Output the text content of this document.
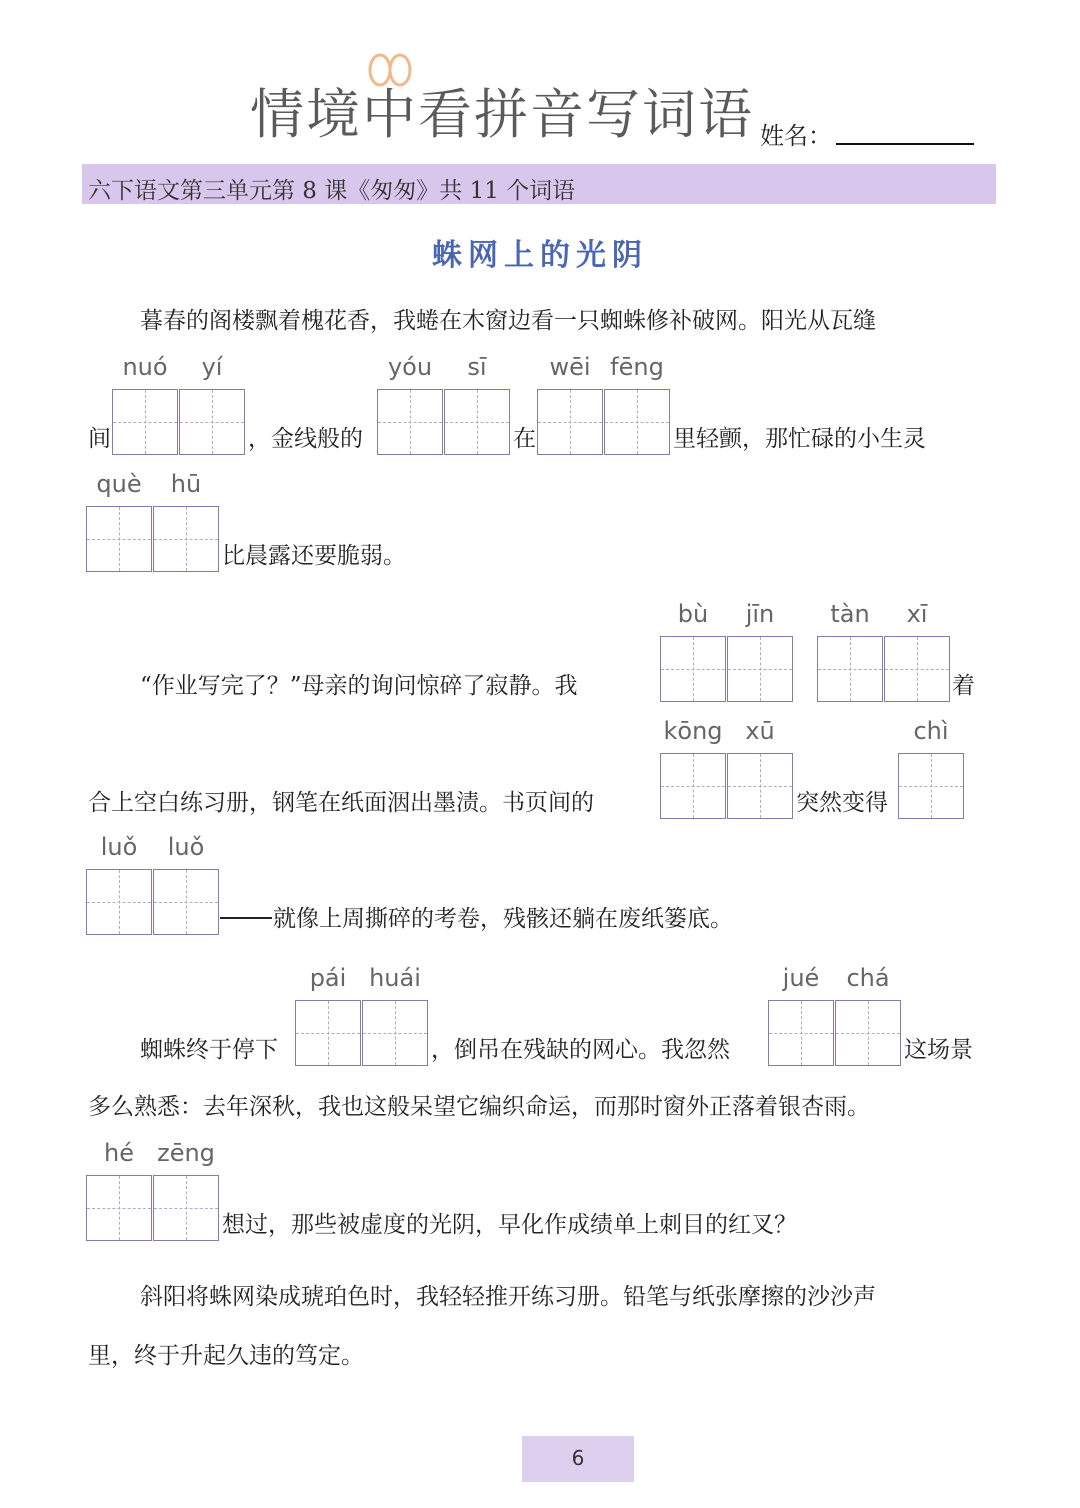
情境中看拼音写词语 姓名：
六下语文第三单元第 8 课《匆匆》共 11 个词语
蛛网上的光阴
暮春的阁楼飘着槐花香，我蜷在木窗边看一只蜘蛛修补破网。阳光从瓦缝
nuó	yí	yóu	sī	wēi fēng
间	，金线般的	在	里轻颤，那忙碌的小生灵
què	hū
比晨露还要脆弱。
bù	jīn	tàn	xī
“作业写完了？”母亲的询问惊碎了寂静。我	着
kōng xū	chì
合上空白练习册，钢笔在纸面洇出墨渍。书页间的	突然变得
luǒ	luǒ
就像上周撕碎的考卷，残骸还躺在废纸篓底。
pái huái	jué	chá
蜘蛛终于停下	，倒吊在残缺的网心。我忽然	这场景
多么熟悉：去年深秋，我也这般呆望它编织命运，而那时窗外正落着银杏雨。
hé zēng
想过，那些被虚度的光阴，早化作成绩单上刺目的红叉？
斜阳将蛛网染成琥珀色时，我轻轻推开练习册。铅笔与纸张摩擦的沙沙声
里，终于升起久违的笃定。
6
